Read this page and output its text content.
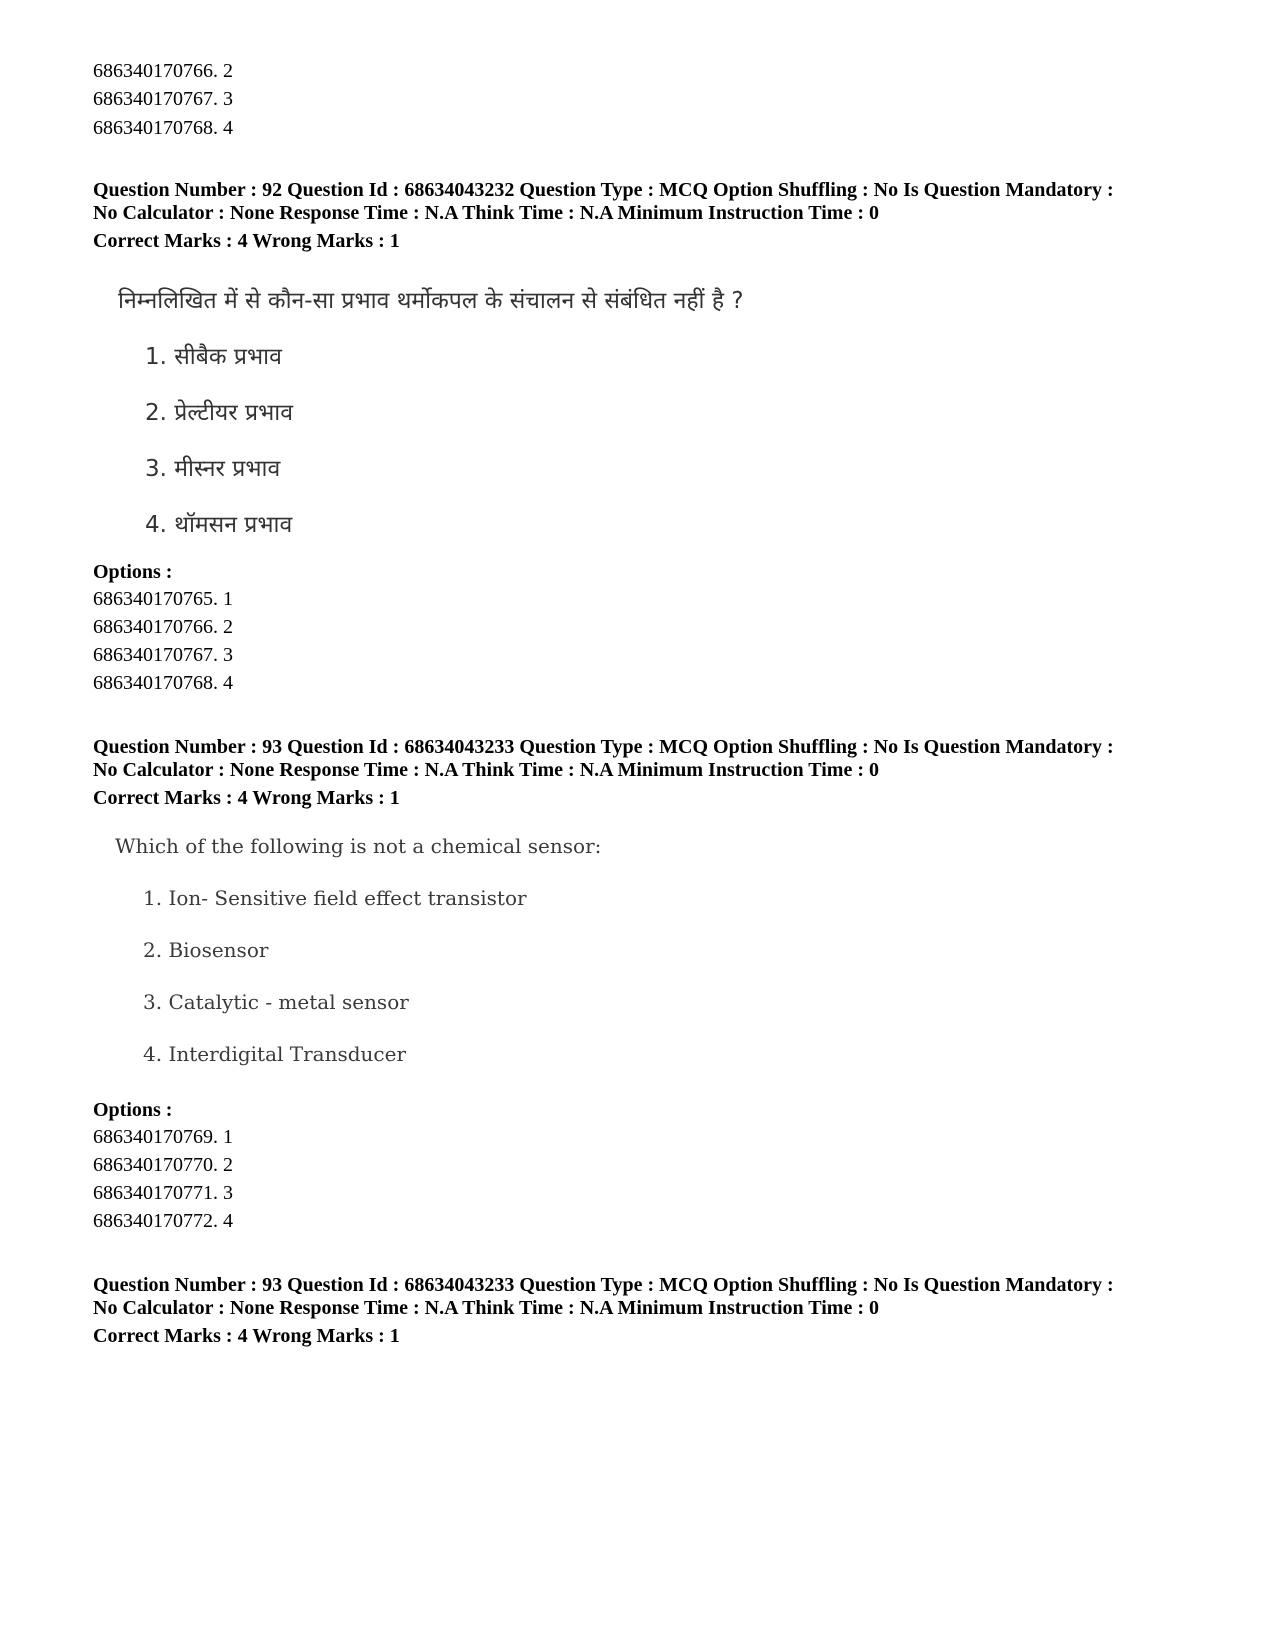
686340170766. 2
686340170767. 3
686340170768. 4
Question Number : 92 Question Id : 68634043232 Question Type : MCQ Option Shuffling : No Is Question Mandatory :
No Calculator : None Response Time : N.A Think Time : N.A Minimum Instruction Time : 0
Correct Marks : 4 Wrong Marks : 1
निम्नलिखित में से कौन-सा प्रभाव थर्मोकपल के संचालन से संबंधित नहीं है ?
1. सीबैक प्रभाव
2. प्रेल्टीयर प्रभाव
3. मीस्नर प्रभाव
4. थॉमसन प्रभाव
Options :
686340170765. 1
686340170766. 2
686340170767. 3
686340170768. 4
Question Number : 93 Question Id : 68634043233 Question Type : MCQ Option Shuffling : No Is Question Mandatory :
No Calculator : None Response Time : N.A Think Time : N.A Minimum Instruction Time : 0
Correct Marks : 4 Wrong Marks : 1
Which of the following is not a chemical sensor:
1. Ion- Sensitive field effect transistor
2. Biosensor
3. Catalytic - metal sensor
4. Interdigital Transducer
Options :
686340170769. 1
686340170770. 2
686340170771. 3
686340170772. 4
Question Number : 93 Question Id : 68634043233 Question Type : MCQ Option Shuffling : No Is Question Mandatory :
No Calculator : None Response Time : N.A Think Time : N.A Minimum Instruction Time : 0
Correct Marks : 4 Wrong Marks : 1
